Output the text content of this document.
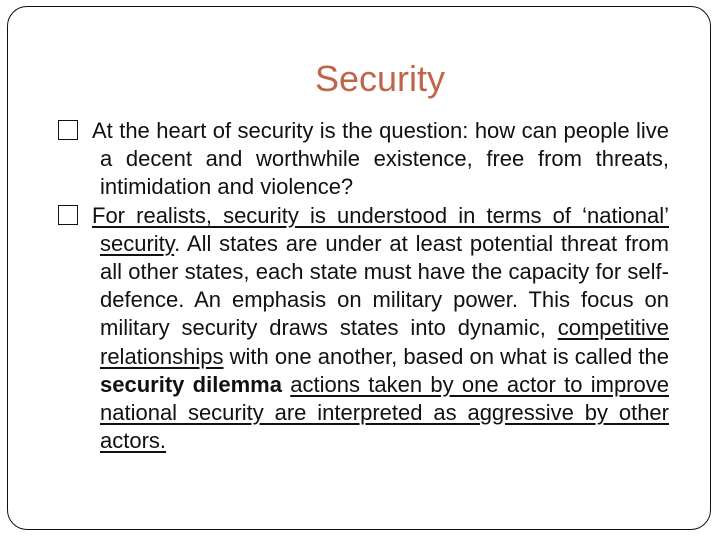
Security

At the heart of security is the question: how can people live a decent and worthwhile existence, free from threats, intimidation and violence?

For realists, security is understood in terms of ‘national’ security. All states are under at least potential threat from all other states, each state must have the capacity for self-defence. An emphasis on military power. This focus on military security draws states into dynamic, competitive relationships with one another, based on what is called the security dilemma actions taken by one actor to improve national security are interpreted as aggressive by other actors.
